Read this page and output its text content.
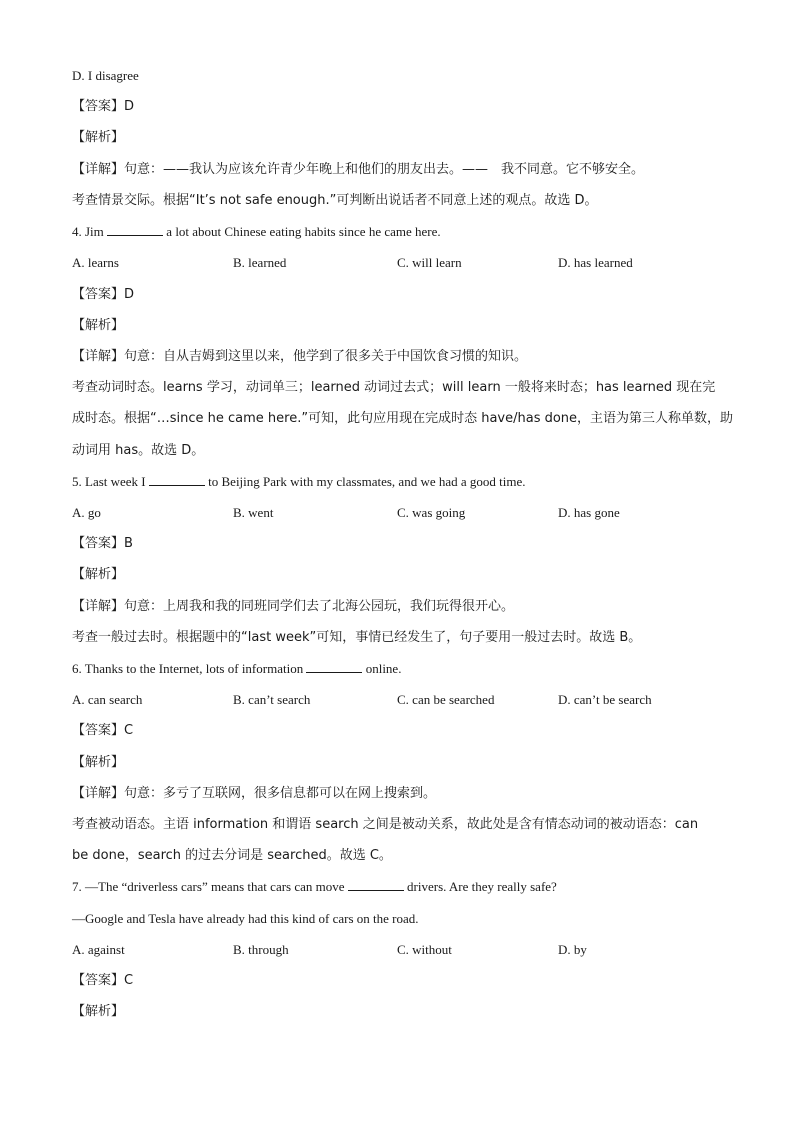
D. I disagree
【答案】D
【解析】
【详解】句意：——我认为应该允许青少年晚上和他们的朋友出去。——　我不同意。它不够安全。
考查情景交际。根据“It’s not safe enough.”可判断出说话者不同意上述的观点。故选 D。
4. Jim	a lot about Chinese eating habits since he came here.
A. learns	B. learned	C. will learn	D. has learned
【答案】D
【解析】
【详解】句意：自从吉姆到这里以来，他学到了很多关于中国饮食习惯的知识。
考查动词时态。learns 学习，动词单三；learned 动词过去式；will learn 一般将来时态；has learned 现在完
成时态。根据“…since he came here.”可知，此句应用现在完成时态 have/has done，主语为第三人称单数，助
动词用 has。故选 D。
5. Last week I	to Beijing Park with my classmates, and we had a good time.
A. go	B. went	C. was going	D. has gone
【答案】B
【解析】
【详解】句意：上周我和我的同班同学们去了北海公园玩，我们玩得很开心。
考查一般过去时。根据题中的“last week”可知，事情已经发生了，句子要用一般过去时。故选 B。
6. Thanks to the Internet, lots of information	online.
A. can search	B. can’t search	C. can be searched	D. can’t be search
【答案】C
【解析】
【详解】句意：多亏了互联网，很多信息都可以在网上搜索到。
考查被动语态。主语 information 和谓语 search 之间是被动关系，故此处是含有情态动词的被动语态：can
be done，search 的过去分词是 searched。故选 C。
7. —The “driverless cars” means that cars can move	drivers. Are they really safe?
—Google and Tesla have already had this kind of cars on the road.
A. against	B. through	C. without	D. by
【答案】C
【解析】
